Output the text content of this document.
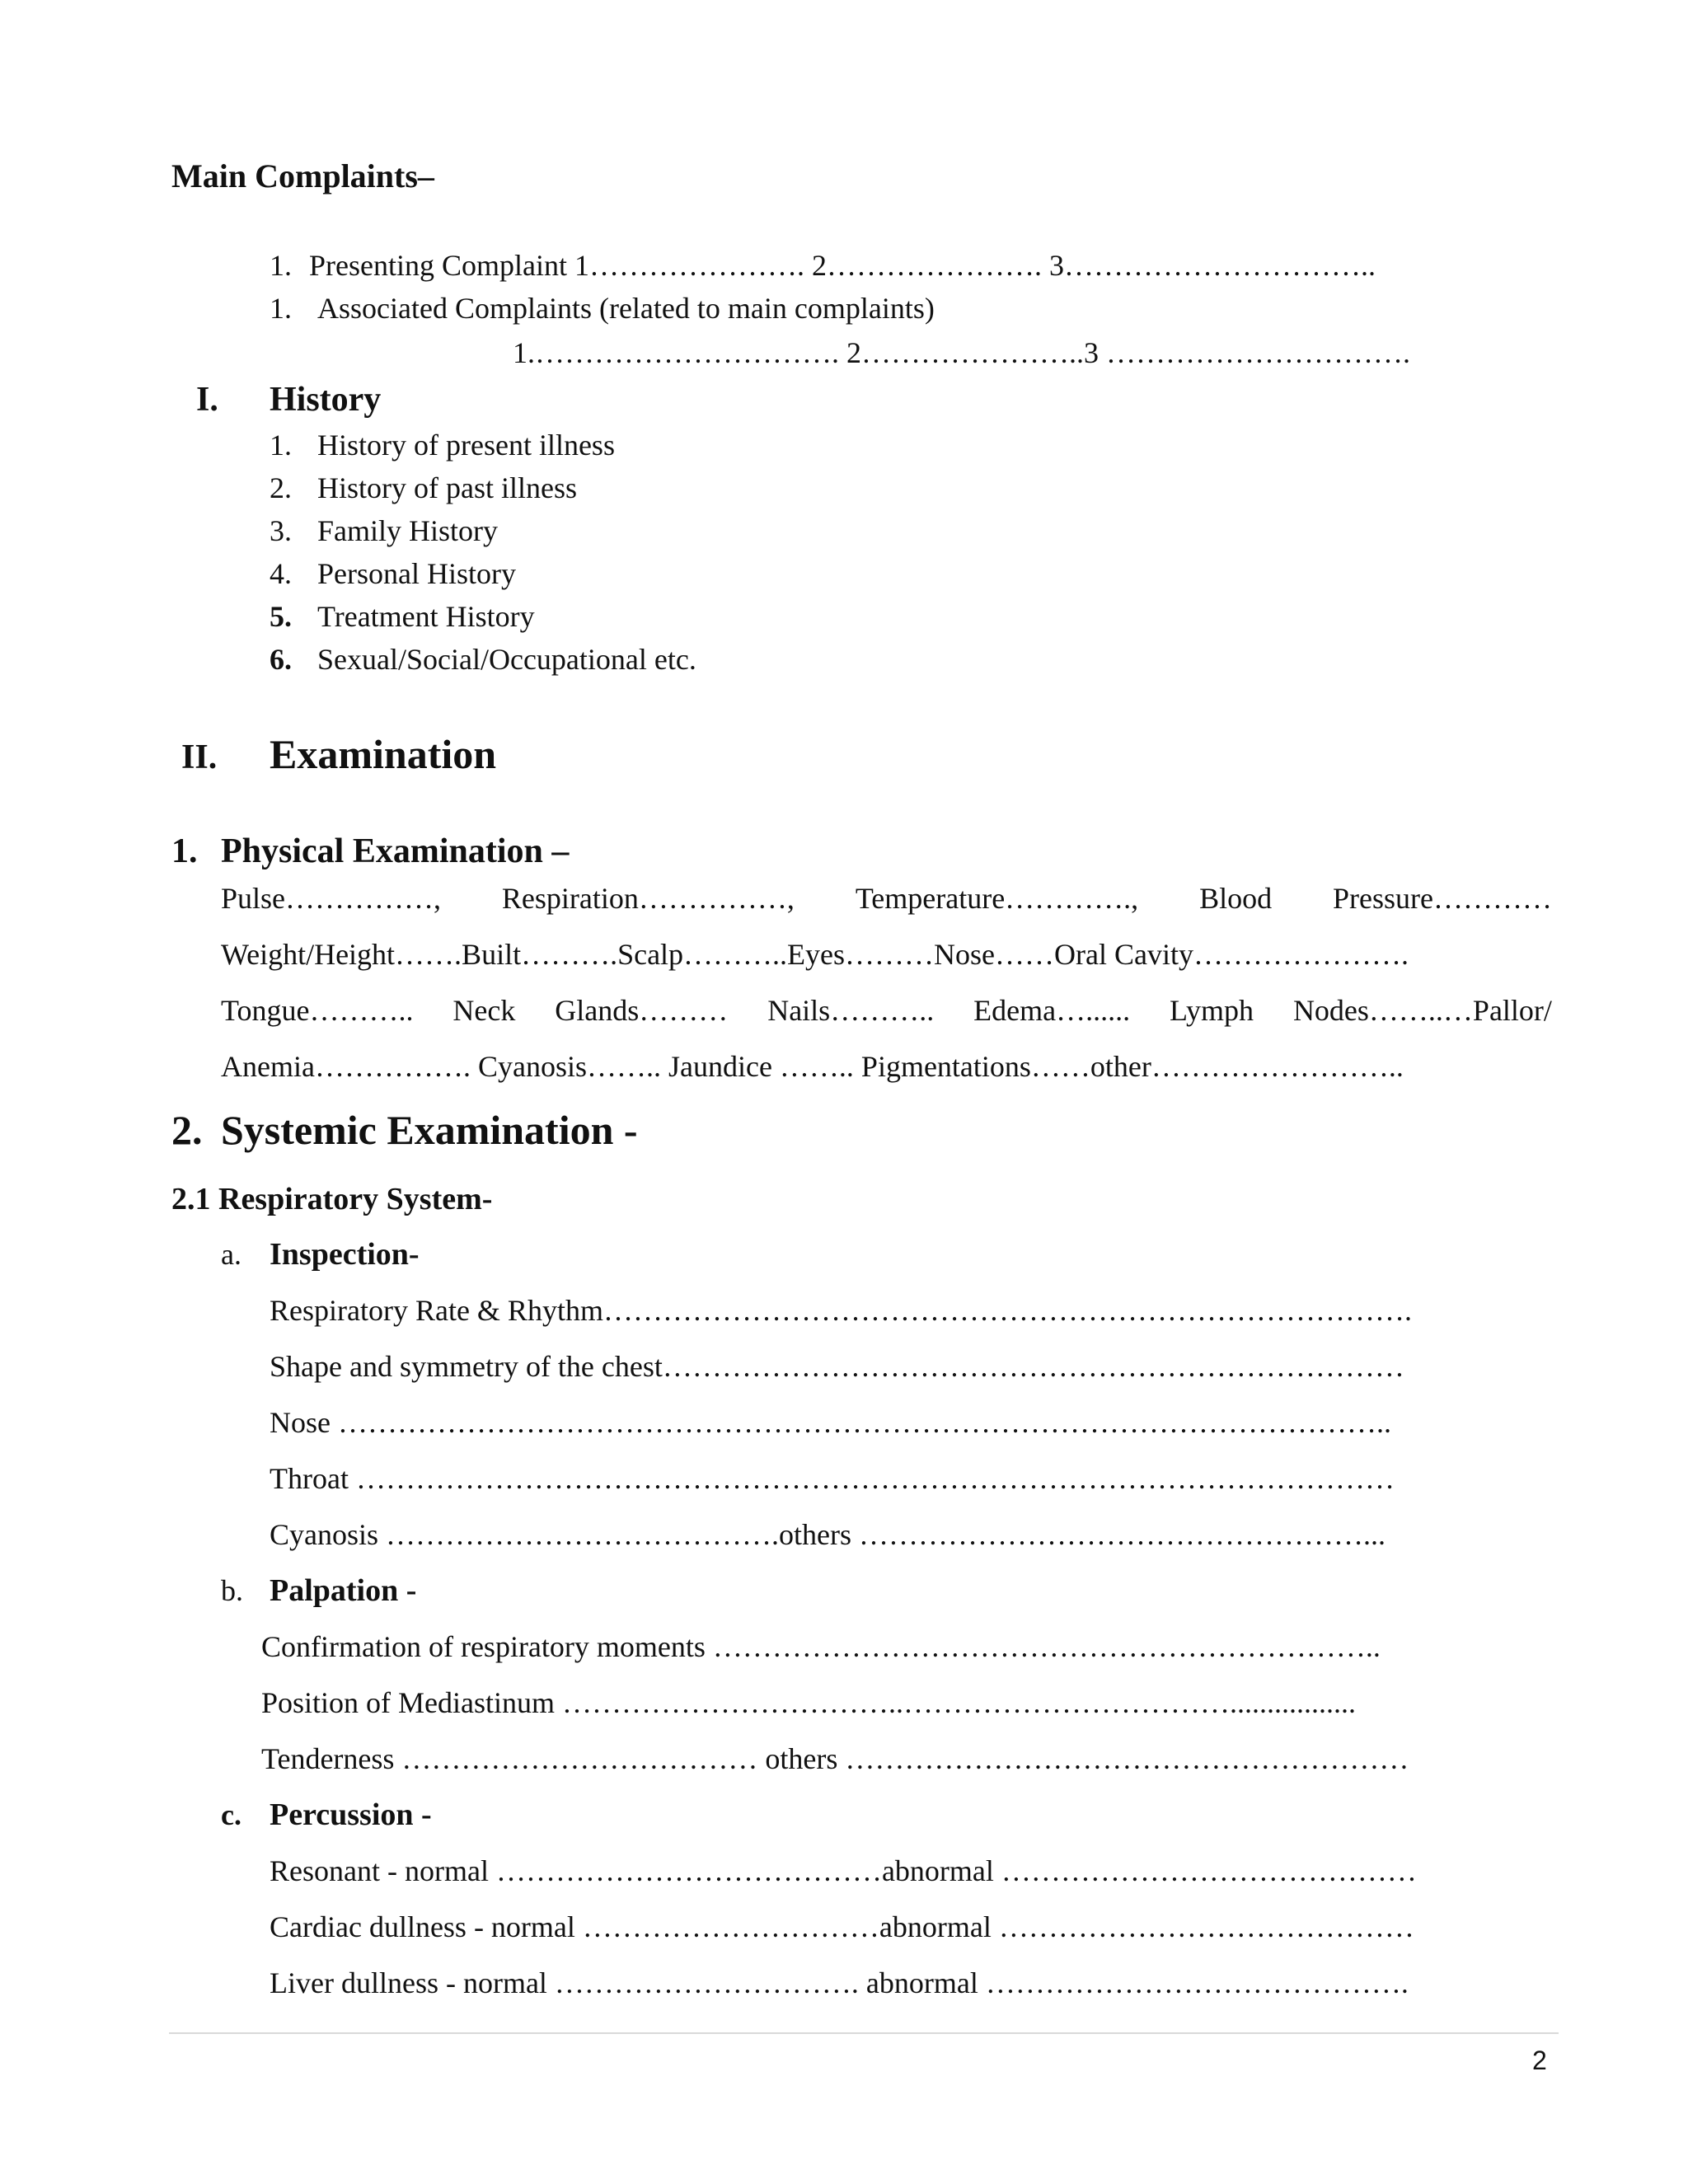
Main Complaints–
1. Presenting Complaint 1…………………. 2…………………. 3…………………………..
1. Associated Complaints (related to main complaints)
1.…………………………. 2…………………..3 ………………………….
I. History
1. History of present illness
2. History of past illness
3. Family History
4. Personal History
5. Treatment History
6. Sexual/Social/Occupational etc.
II. Examination
1. Physical Examination –
Pulse……………, Respiration……………, Temperature…………., Blood Pressure…………
Weight/Height…….Built……….Scalp………..Eyes………Nose……Oral Cavity………………….
Tongue……….. Neck Glands……… Nails……….. Edema…...... Lymph Nodes……..…Pallor/
Anemia……………. Cyanosis…….. Jaundice …….. Pigmentations……other……………………..
2. Systemic Examination -
2.1 Respiratory System-
a. Inspection-
Respiratory Rate & Rhythm……………………………………………………………………….
Shape and symmetry of the chest…………………………………………………………………
Nose ……………………………………………………………………………………………..
Throat ……………………………………………………………………………………………
Cyanosis ………………………………….others ……………………………………………...
b. Palpation -
Confirmation of respiratory moments …………………………………………………………..
Position of Mediastinum ……………………………..…………………………….................
Tenderness ……………………………… others …………………………………………………
c. Percussion -
Resonant - normal …………………………………abnormal ……………………………………
Cardiac dullness - normal …………………………abnormal ……………………………………
Liver dullness - normal …………………………. abnormal …………………………………….
2
